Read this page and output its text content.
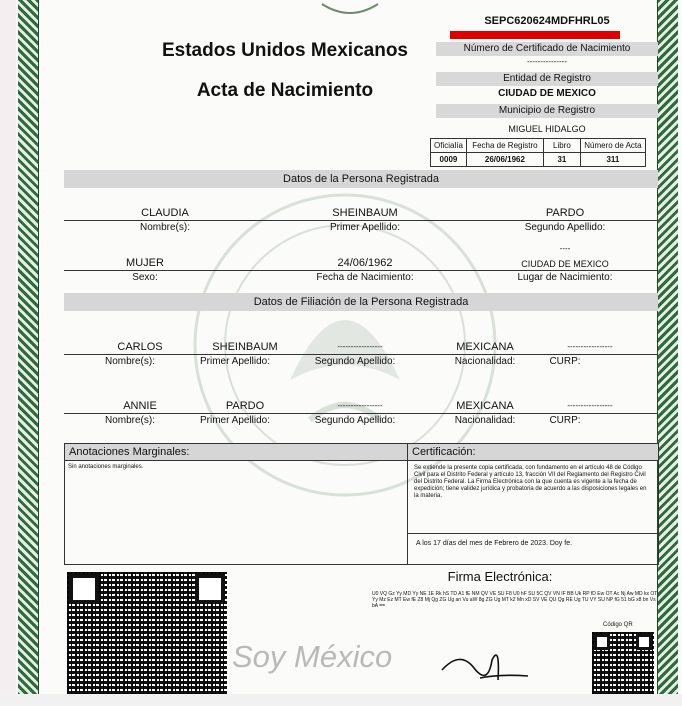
SEPC620624MDFHRL05
Estados Unidos Mexicanos
Acta de Nacimiento
Número de Certificado de Nacimiento
---------------
Entidad de Registro
CIUDAD DE MEXICO
Municipio de Registro
MIGUEL HIDALGO
Oficialía	Fecha de Registro	Libro	Número de Acta
0009	26/06/1962	31	311
Datos de la Persona Registrada
CLAUDIA	SHEINBAUM	PARDO
Nombre(s):	Primer Apellido:	Segundo Apellido:
----
MUJER	24/06/1962	CIUDAD DE MEXICO
Sexo:	Fecha de Nacimiento:	Lugar de Nacimiento:
Datos de Filiación de la Persona Registrada
CARLOS	SHEINBAUM	-----------------	MEXICANA	-----------------
Nombre(s):	Primer Apellido:	Segundo Apellido:	Nacionalidad:	CURP:
ANNIE	PARDO	-----------------	MEXICANA	-----------------
Nombre(s):	Primer Apellido:	Segundo Apellido:	Nacionalidad:	CURP:
Anotaciones Marginales:
Sin anotaciones marginales.
Certificación:
Se extiende la presente copia certificada, con fundamento en el artículo 48 de Código Civil para el Distrito Federal y artículo 13, fracción VII del Reglamento del Registro Civil del Distrito Federal. La Firma Electrónica con la que cuenta es vigente a la fecha de expedición; tiene validez jurídica y probatoria de acuerdo a las disposiciones legales en la materia.
A los 17 días del mes de Febrero de 2023. Doy fe.
Firma Electrónica:
U0 VQ Gz Yy MD Yy NE 1E Rk hS TD A1 fE NM QV VE SU F8 U0 hF SU 5C QV VN IF BB Uk RP fD Ew OT Ac Nj Aw MD kx OT Yy Mz Ez MT Ew fE Z8 Mj Qg ZG Ug an Vu aW 8g ZG Ug MT k2 Mn xD SV VE QU Qg RE Ug TU VY SU NP fG 51 bG x8 bn Vs bA ==
Código QR
Soy México
